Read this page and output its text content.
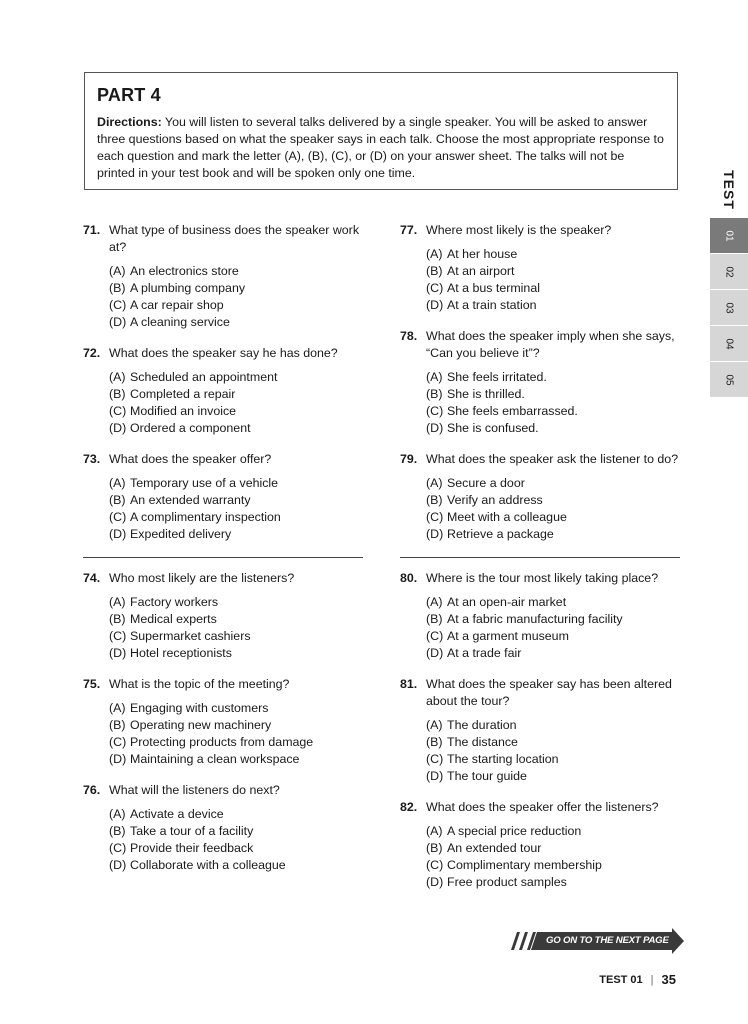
PART 4

Directions: You will listen to several talks delivered by a single speaker. You will be asked to answer three questions based on what the speaker says in each talk. Choose the most appropriate response to each question and mark the letter (A), (B), (C), or (D) on your answer sheet. The talks will not be printed in your test book and will be spoken only one time.

71. What type of business does the speaker work at?
(A) An electronics store
(B) A plumbing company
(C) A car repair shop
(D) A cleaning service
72. What does the speaker say he has done?
(A) Scheduled an appointment
(B) Completed a repair
(C) Modified an invoice
(D) Ordered a component
73. What does the speaker offer?
(A) Temporary use of a vehicle
(B) An extended warranty
(C) A complimentary inspection
(D) Expedited delivery
74. Who most likely are the listeners?
(A) Factory workers
(B) Medical experts
(C) Supermarket cashiers
(D) Hotel receptionists
75. What is the topic of the meeting?
(A) Engaging with customers
(B) Operating new machinery
(C) Protecting products from damage
(D) Maintaining a clean workspace
76. What will the listeners do next?
(A) Activate a device
(B) Take a tour of a facility
(C) Provide their feedback
(D) Collaborate with a colleague
77. Where most likely is the speaker?
(A) At her house
(B) At an airport
(C) At a bus terminal
(D) At a train station
78. What does the speaker imply when she says, “Can you believe it”?
(A) She feels irritated.
(B) She is thrilled.
(C) She feels embarrassed.
(D) She is confused.
79. What does the speaker ask the listener to do?
(A) Secure a door
(B) Verify an address
(C) Meet with a colleague
(D) Retrieve a package
80. Where is the tour most likely taking place?
(A) At an open-air market
(B) At a fabric manufacturing facility
(C) At a garment museum
(D) At a trade fair
81. What does the speaker say has been altered about the tour?
(A) The duration
(B) The distance
(C) The starting location
(D) The tour guide
82. What does the speaker offer the listeners?
(A) A special price reduction
(B) An extended tour
(C) Complimentary membership
(D) Free product samples
TEST
01
02
03
04
05
GO ON TO THE NEXT PAGE
TEST 01 | 35
